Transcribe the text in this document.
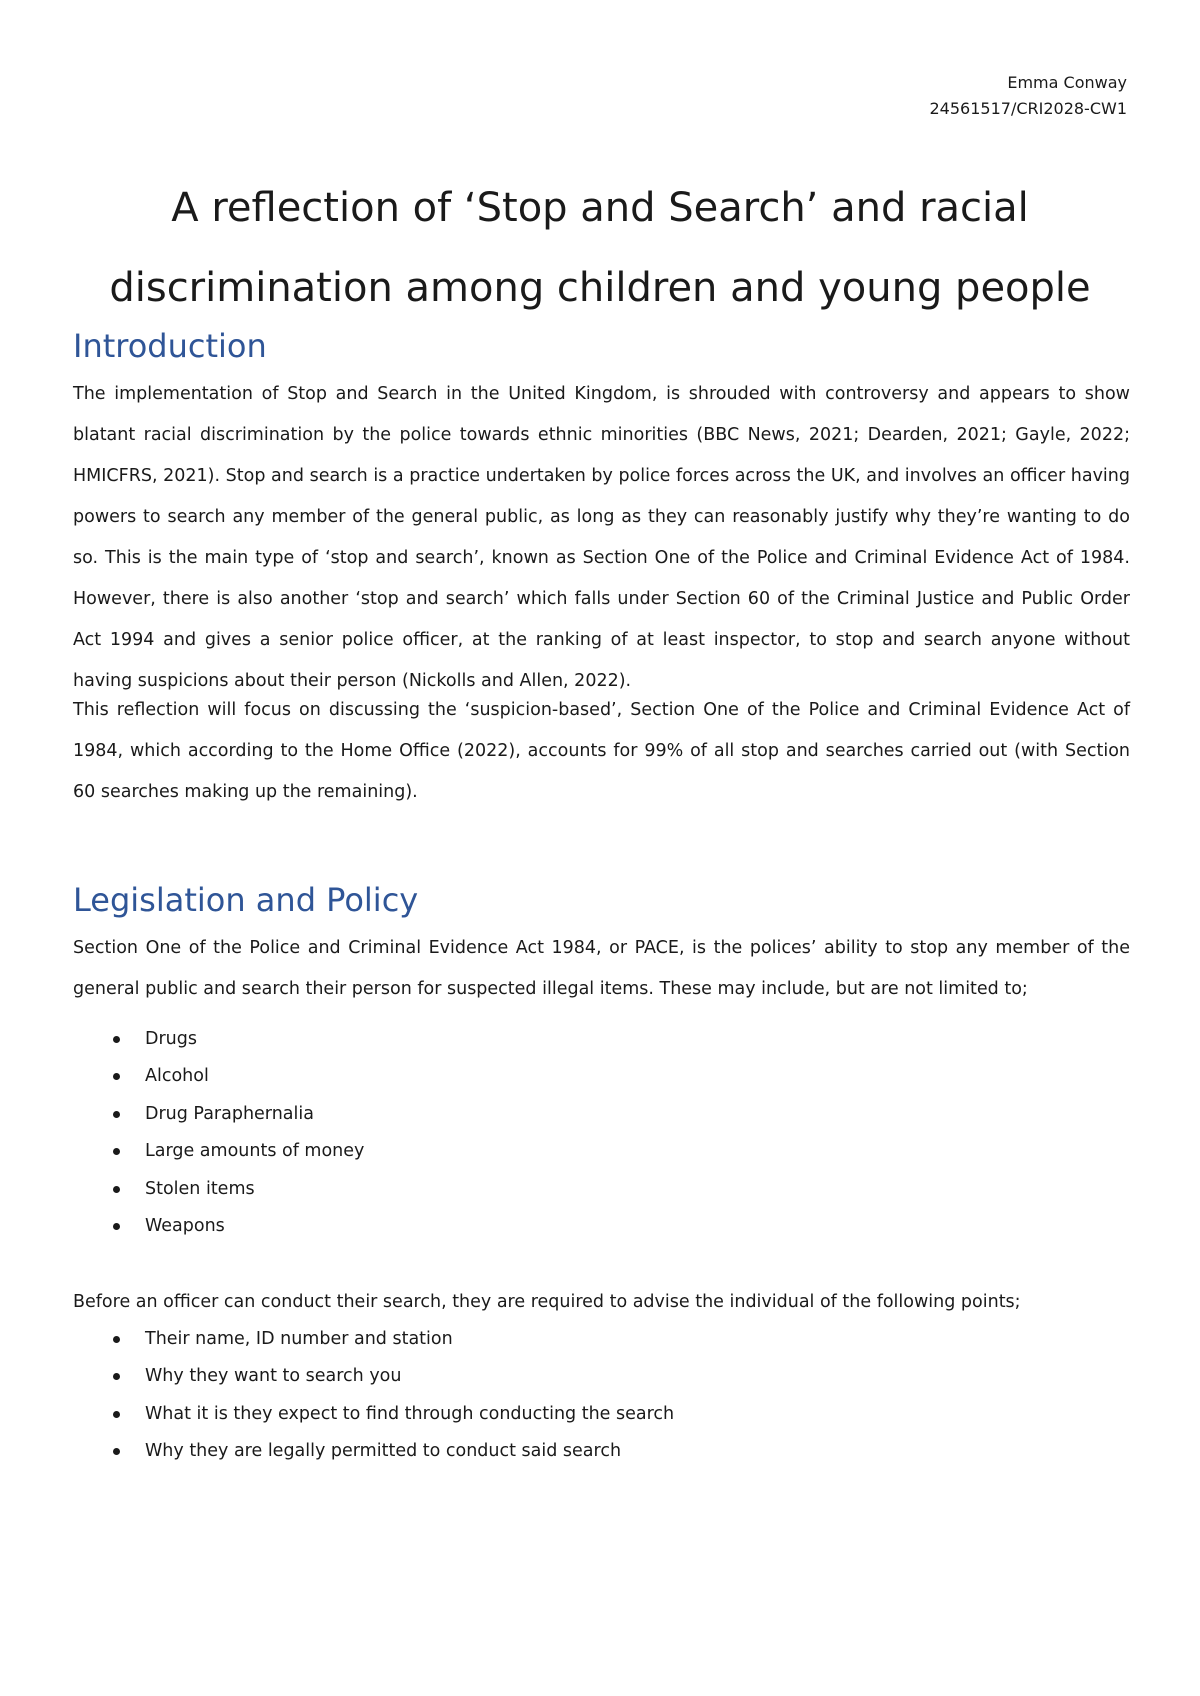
Emma Conway
24561517/CRI2028-CW1
A reflection of ‘Stop and Search’ and racial
discrimination among children and young people
Introduction

The implementation of Stop and Search in the United Kingdom, is shrouded with controversy and appears to show blatant racial discrimination by the police towards ethnic minorities (BBC News, 2021; Dearden, 2021; Gayle, 2022; HMICFRS, 2021). Stop and search is a practice undertaken by police forces across the UK, and involves an officer having powers to search any member of the general public, as long as they can reasonably justify why they’re wanting to do so. This is the main type of ‘stop and search’, known as Section One of the Police and Criminal Evidence Act of 1984. However, there is also another ‘stop and search’ which falls under Section 60 of the Criminal Justice and Public Order Act 1994 and gives a senior police officer, at the ranking of at least inspector, to stop and search anyone without having suspicions about their person (Nickolls and Allen, 2022).

This reflection will focus on discussing the ‘suspicion-based’, Section One of the Police and Criminal Evidence Act of 1984, which according to the Home Office (2022), accounts for 99% of all stop and searches carried out (with Section 60 searches making up the remaining).

Legislation and Policy

Section One of the Police and Criminal Evidence Act 1984, or PACE, is the polices’ ability to stop any member of the general public and search their person for suspected illegal items. These may include, but are not limited to;

Drugs
Alcohol
Drug Paraphernalia
Large amounts of money
Stolen items
Weapons

Before an officer can conduct their search, they are required to advise the individual of the following points;

Their name, ID number and station
Why they want to search you
What it is they expect to find through conducting the search
Why they are legally permitted to conduct said search
